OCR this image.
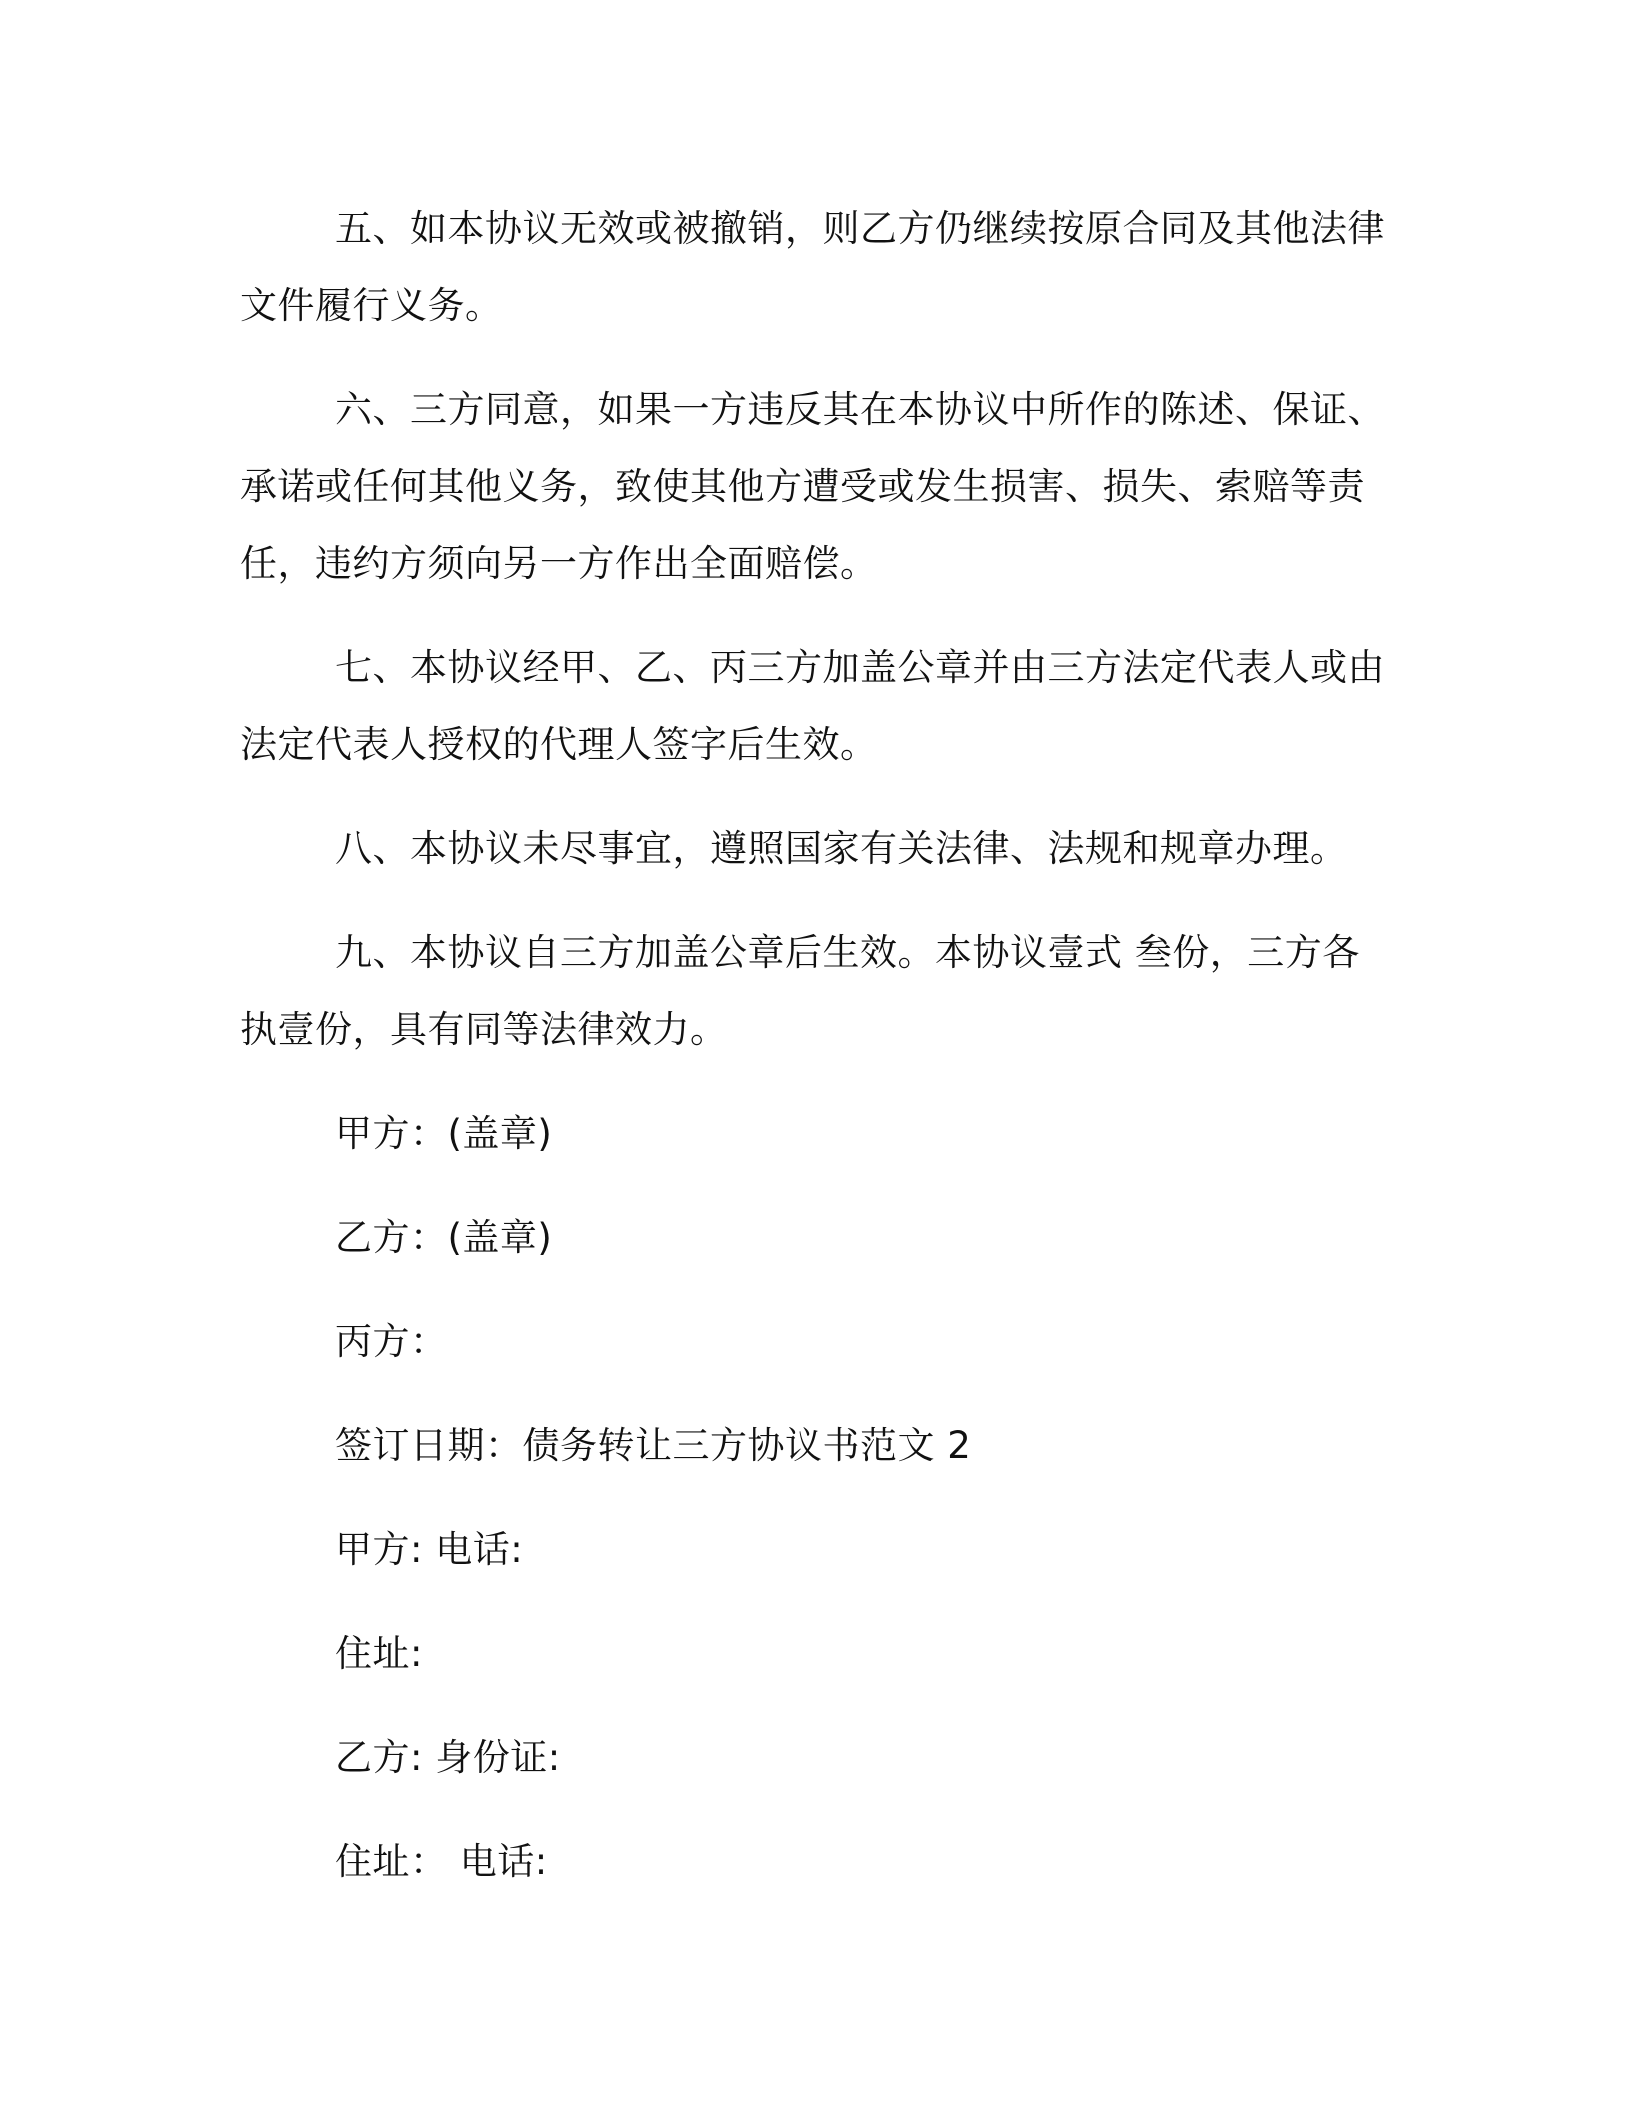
五、如本协议无效或被撤销，则乙方仍继续按原合同及其他法律文件履行义务。

六、三方同意，如果一方违反其在本协议中所作的陈述、保证、承诺或任何其他义务，致使其他方遭受或发生损害、损失、索赔等责任，违约方须向另一方作出全面赔偿。

七、本协议经甲、乙、丙三方加盖公章并由三方法定代表人或由法定代表人授权的代理人签字后生效。

八、本协议未尽事宜，遵照国家有关法律、法规和规章办理。

九、本协议自三方加盖公章后生效。本协议壹式 叁份，三方各执壹份，具有同等法律效力。

甲方：(盖章)

乙方：(盖章)

丙方：

签订日期：债务转让三方协议书范文 2

甲方: 电话:

住址:

乙方: 身份证:

住址： 电话:
